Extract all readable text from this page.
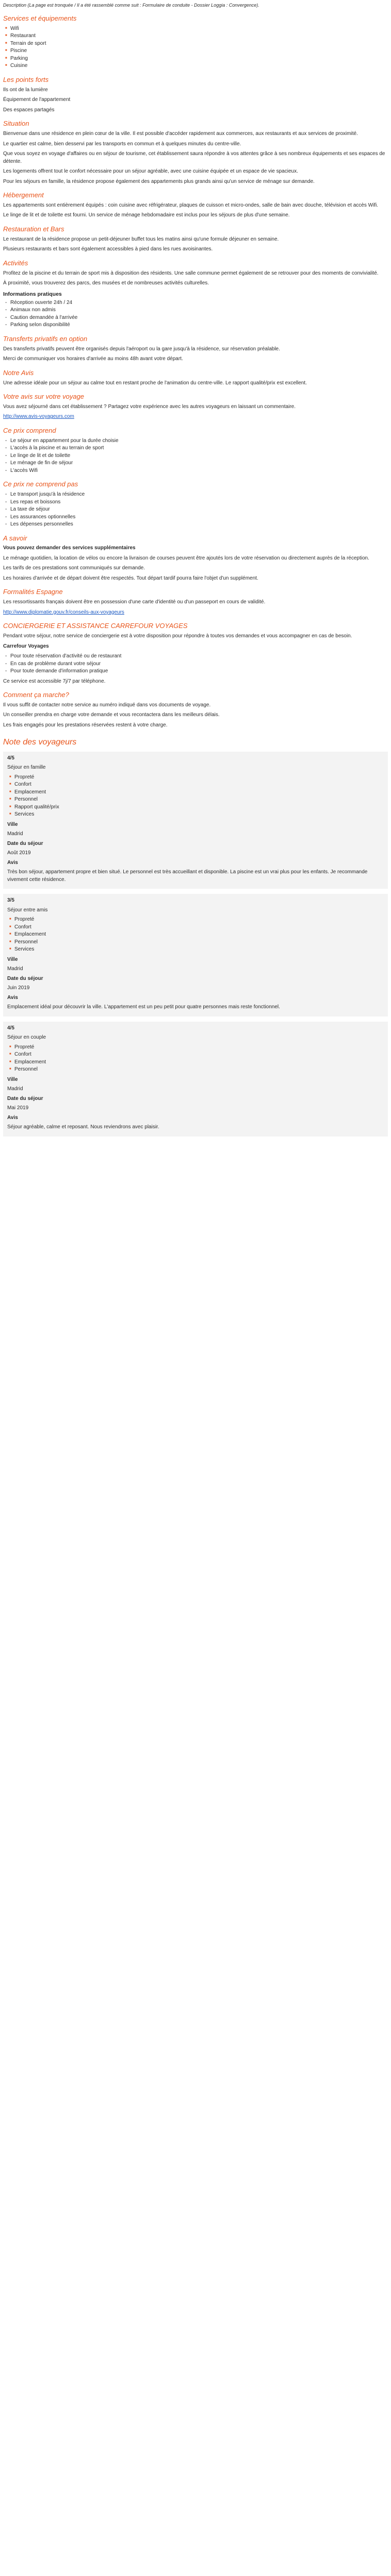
Description (La page est tronquée / Il a été rassemblé comme suit : Formulaire de conduite - Dossier Loggia : Convergence).

Services et équipements
■ Wifi
■ Restaurant
■ Terrain de sport
■ Piscine
■ Parking
■ Cuisine
Les points forts

Ils ont de la lumière

Équipement de l'appartement

Des espaces partagés

Situation

Bienvenue dans une résidence en plein cœur de la ville. Il est possible d'accéder rapidement aux commerces, aux restaurants et aux services de proximité.

Le quartier est calme, bien desservi par les transports en commun et à quelques minutes du centre-ville.

Que vous soyez en voyage d'affaires ou en séjour de tourisme, cet établissement saura répondre à vos attentes grâce à ses nombreux équipements et ses espaces de détente.

Les logements offrent tout le confort nécessaire pour un séjour agréable, avec une cuisine équipée et un espace de vie spacieux.

Pour les séjours en famille, la résidence propose également des appartements plus grands ainsi qu'un service de ménage sur demande.

Hébergement

Les appartements sont entièrement équipés : coin cuisine avec réfrigérateur, plaques de cuisson et micro-ondes, salle de bain avec douche, télévision et accès Wifi.

Le linge de lit et de toilette est fourni. Un service de ménage hebdomadaire est inclus pour les séjours de plus d'une semaine.

Restauration et Bars

Le restaurant de la résidence propose un petit-déjeuner buffet tous les matins ainsi qu'une formule déjeuner en semaine.

Plusieurs restaurants et bars sont également accessibles à pied dans les rues avoisinantes.

Activités

Profitez de la piscine et du terrain de sport mis à disposition des résidents. Une salle commune permet également de se retrouver pour des moments de convivialité.

À proximité, vous trouverez des parcs, des musées et de nombreuses activités culturelles.

Informations pratiques
- Réception ouverte 24h / 24
- Animaux non admis
- Caution demandée à l'arrivée
- Parking selon disponibilité
Transferts privatifs en option

Des transferts privatifs peuvent être organisés depuis l'aéroport ou la gare jusqu'à la résidence, sur réservation préalable.

Merci de communiquer vos horaires d'arrivée au moins 48h avant votre départ.

Notre Avis

Une adresse idéale pour un séjour au calme tout en restant proche de l'animation du centre-ville. Le rapport qualité/prix est excellent.

Votre avis sur votre voyage

Vous avez séjourné dans cet établissement ? Partagez votre expérience avec les autres voyageurs en laissant un commentaire.

http://www.avis-voyageurs.com

Ce prix comprend
- Le séjour en appartement pour la durée choisie
- L'accès à la piscine et au terrain de sport
- Le linge de lit et de toilette
- Le ménage de fin de séjour
- L'accès Wifi
Ce prix ne comprend pas
- Le transport jusqu'à la résidence
- Les repas et boissons
- La taxe de séjour
- Les assurances optionnelles
- Les dépenses personnelles
A savoir

Vous pouvez demander des services supplémentaires

Le ménage quotidien, la location de vélos ou encore la livraison de courses peuvent être ajoutés lors de votre réservation ou directement auprès de la réception.

Les tarifs de ces prestations sont communiqués sur demande.

Les horaires d'arrivée et de départ doivent être respectés. Tout départ tardif pourra faire l'objet d'un supplément.

Formalités Espagne

Les ressortissants français doivent être en possession d'une carte d'identité ou d'un passeport en cours de validité.

http://www.diplomatie.gouv.fr/conseils-aux-voyageurs

CONCIERGERIE ET ASSISTANCE CARREFOUR VOYAGES

Pendant votre séjour, notre service de conciergerie est à votre disposition pour répondre à toutes vos demandes et vous accompagner en cas de besoin.

Carrefour Voyages

- Pour toute réservation d'activité ou de restaurant
- En cas de problème durant votre séjour
- Pour toute demande d'information pratique

Ce service est accessible 7j/7 par téléphone.

Comment ça marche?

Il vous suffit de contacter notre service au numéro indiqué dans vos documents de voyage.

Un conseiller prendra en charge votre demande et vous recontactera dans les meilleurs délais.

Les frais engagés pour les prestations réservées restent à votre charge.

Note des voyageurs

4/5

Séjour en famille

■ Propreté
■ Confort
■ Emplacement
■ Personnel
■ Rapport qualité/prix
■ Services

Ville

Madrid

Date du séjour

Août 2019

Avis

Très bon séjour, appartement propre et bien situé. Le personnel est très accueillant et disponible. La piscine est un vrai plus pour les enfants. Je recommande vivement cette résidence.

3/5

Séjour entre amis

■ Propreté
■ Confort
■ Emplacement
■ Personnel
■ Services

Ville

Madrid

Date du séjour

Juin 2019

Avis

Emplacement idéal pour découvrir la ville. L'appartement est un peu petit pour quatre personnes mais reste fonctionnel.

4/5

Séjour en couple

■ Propreté
■ Confort
■ Emplacement
■ Personnel

Ville

Madrid

Date du séjour

Mai 2019

Avis

Séjour agréable, calme et reposant. Nous reviendrons avec plaisir.
